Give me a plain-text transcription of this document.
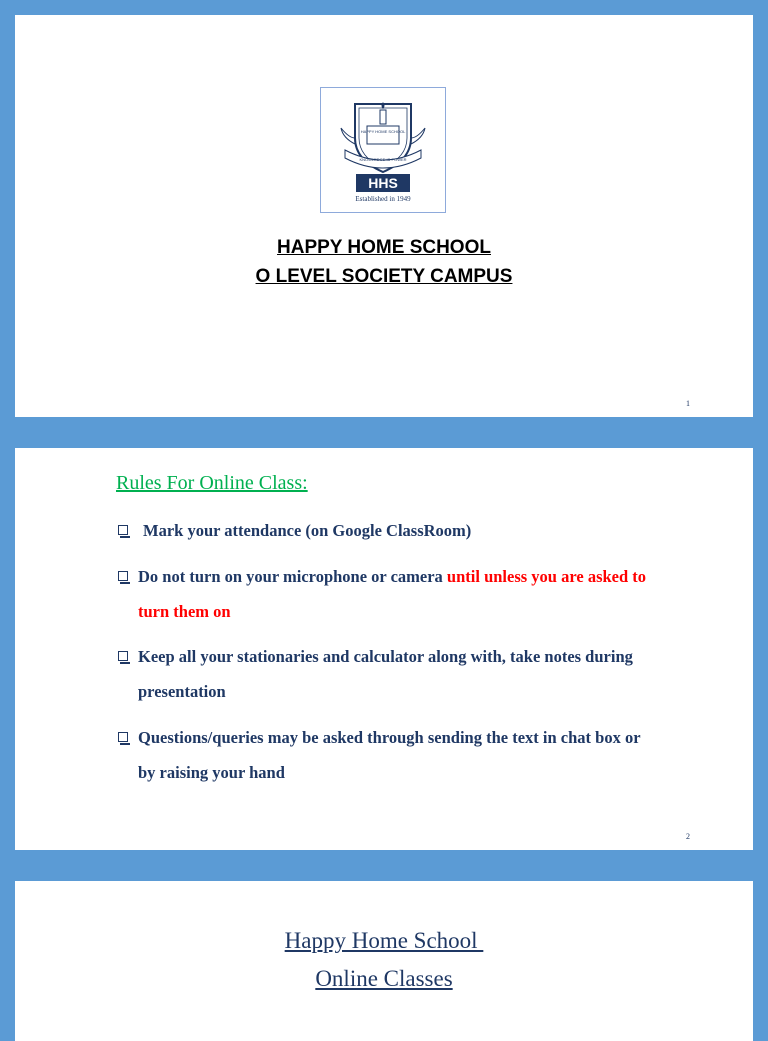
HAPPY HOME SCHOOL
KNOWLEDGE IS POWER
HHS
Established in 1949
HAPPY HOME SCHOOL
O LEVEL SOCIETY CAMPUS
1
Rules For Online Class:
Mark your attendance (on Google ClassRoom)
Do not turn on your microphone or camera until unless you are asked to turn them on
Keep all your stationaries and calculator along with, take notes during presentation
Questions/queries may be asked through sending the text in chat box or by raising your hand
2
Happy Home School
Online Classes
